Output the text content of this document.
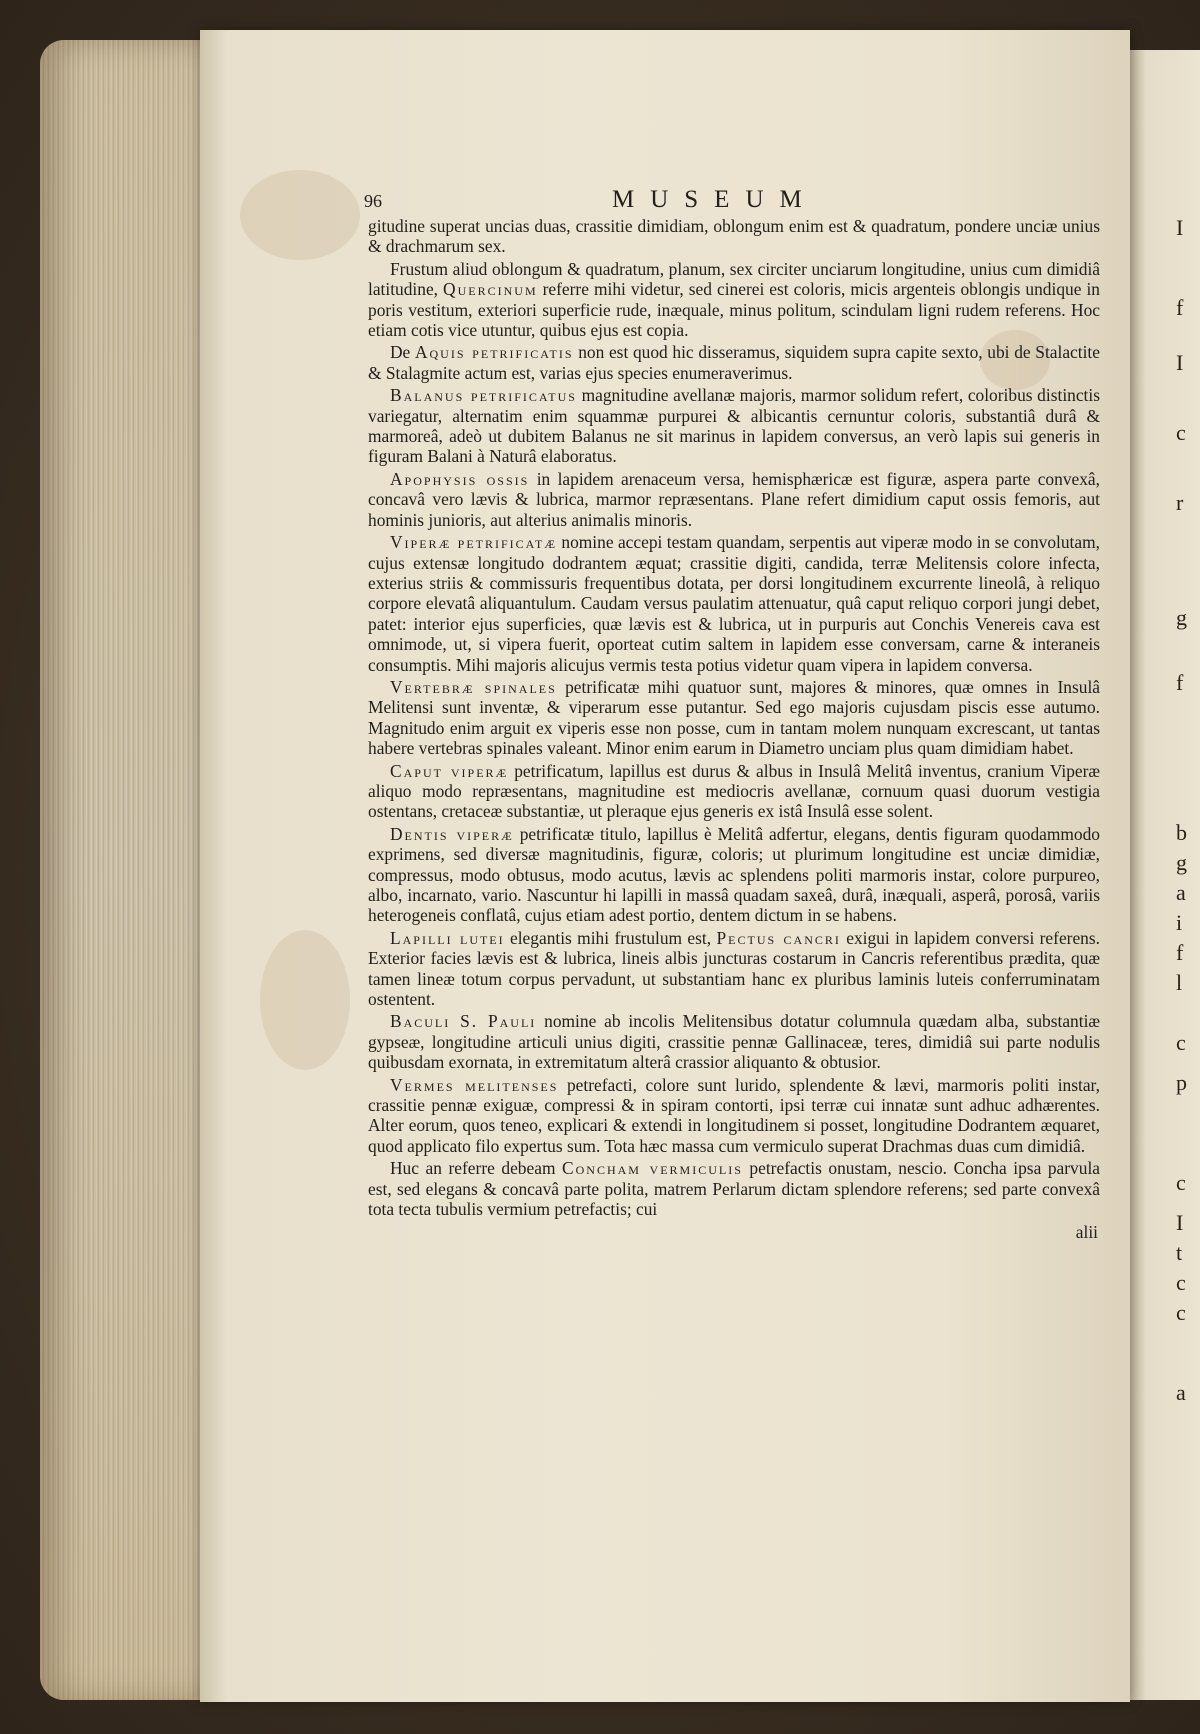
I
f
I
c
r
g
f
b
g
a
i
f
l
c
p
c
I
t
c
c
a
96	MUSEUM
gitudine superat uncias duas, crassitie dimidiam, oblongum enim est & quadratum, pondere unciæ unius & drachmarum sex.
Frustum aliud oblongum & quadratum, planum, sex circiter unciarum longitudine, unius cum dimidiâ latitudine, Quercinum referre mihi videtur, sed cinerei est coloris, micis argenteis oblongis undique in poris vestitum, exteriori superficie rude, inæquale, minus politum, scindulam ligni rudem referens. Hoc etiam cotis vice utuntur, quibus ejus est copia.
De Aquis petrificatis non est quod hic disseramus, siquidem supra capite sexto, ubi de Stalactite & Stalagmite actum est, varias ejus species enumeraverimus.
Balanus petrificatus magnitudine avellanæ majoris, marmor solidum refert, coloribus distinctis variegatur, alternatim enim squammæ purpurei & albicantis cernuntur coloris, substantiâ durâ & marmoreâ, adeò ut dubitem Balanus ne sit marinus in lapidem conversus, an verò lapis sui generis in figuram Balani à Naturâ elaboratus.
Apophysis ossis in lapidem arenaceum versa, hemisphæricæ est figuræ, aspera parte convexâ, concavâ vero lævis & lubrica, marmor repræsentans. Plane refert dimidium caput ossis femoris, aut hominis junioris, aut alterius animalis minoris.
Viperæ petrificatæ nomine accepi testam quandam, serpentis aut viperæ modo in se convolutam, cujus extensæ longitudo dodrantem æquat; crassitie digiti, candida, terræ Melitensis colore infecta, exterius striis & commissuris frequentibus dotata, per dorsi longitudinem excurrente lineolâ, à reliquo corpore elevatâ aliquantulum. Caudam versus paulatim attenuatur, quâ caput reliquo corpori jungi debet, patet: interior ejus superficies, quæ lævis est & lubrica, ut in purpuris aut Conchis Venereis cava est omnimode, ut, si vipera fuerit, oporteat cutim saltem in lapidem esse conversam, carne & interaneis consumptis. Mihi majoris alicujus vermis testa potius videtur quam vipera in lapidem conversa.
Vertebræ spinales petrificatæ mihi quatuor sunt, majores & minores, quæ omnes in Insulâ Melitensi sunt inventæ, & viperarum esse putantur. Sed ego majoris cujusdam piscis esse autumo. Magnitudo enim arguit ex viperis esse non posse, cum in tantam molem nunquam excrescant, ut tantas habere vertebras spinales valeant. Minor enim earum in Diametro unciam plus quam dimidiam habet.
Caput viperæ petrificatum, lapillus est durus & albus in Insulâ Melitâ inventus, cranium Viperæ aliquo modo repræsentans, magnitudine est mediocris avellanæ, cornuum quasi duorum vestigia ostentans, cretaceæ substantiæ, ut pleraque ejus generis ex istâ Insulâ esse solent.
Dentis viperæ petrificatæ titulo, lapillus è Melitâ adfertur, elegans, dentis figuram quodammodo exprimens, sed diversæ magnitudinis, figuræ, coloris; ut plurimum longitudine est unciæ dimidiæ, compressus, modo obtusus, modo acutus, lævis ac splendens politi marmoris instar, colore purpureo, albo, incarnato, vario. Nascuntur hi lapilli in massâ quadam saxeâ, durâ, inæquali, asperâ, porosâ, variis heterogeneis conflatâ, cujus etiam adest portio, dentem dictum in se habens.
Lapilli lutei elegantis mihi frustulum est, Pectus cancri exigui in lapidem conversi referens. Exterior facies lævis est & lubrica, lineis albis juncturas costarum in Cancris referentibus prædita, quæ tamen lineæ totum corpus pervadunt, ut substantiam hanc ex pluribus laminis luteis conferruminatam ostentent.
Baculi S. Pauli nomine ab incolis Melitensibus dotatur columnula quædam alba, substantiæ gypseæ, longitudine articuli unius digiti, crassitie pennæ Gallinaceæ, teres, dimidiâ sui parte nodulis quibusdam exornata, in extremitatum alterâ crassior aliquanto & obtusior.
Vermes melitenses petrefacti, colore sunt lurido, splendente & lævi, marmoris politi instar, crassitie pennæ exiguæ, compressi & in spiram contorti, ipsi terræ cui innatæ sunt adhuc adhærentes. Alter eorum, quos teneo, explicari & extendi in longitudinem si posset, longitudine Dodrantem æquaret, quod applicato filo expertus sum. Tota hæc massa cum vermiculo superat Drachmas duas cum dimidiâ.
Huc an referre debeam Concham vermiculis petrefactis onustam, nescio. Concha ipsa parvula est, sed elegans & concavâ parte polita, matrem Perlarum dictam splendore referens; sed parte convexâ tota tecta tubulis vermium petrefactis; cui
alii
